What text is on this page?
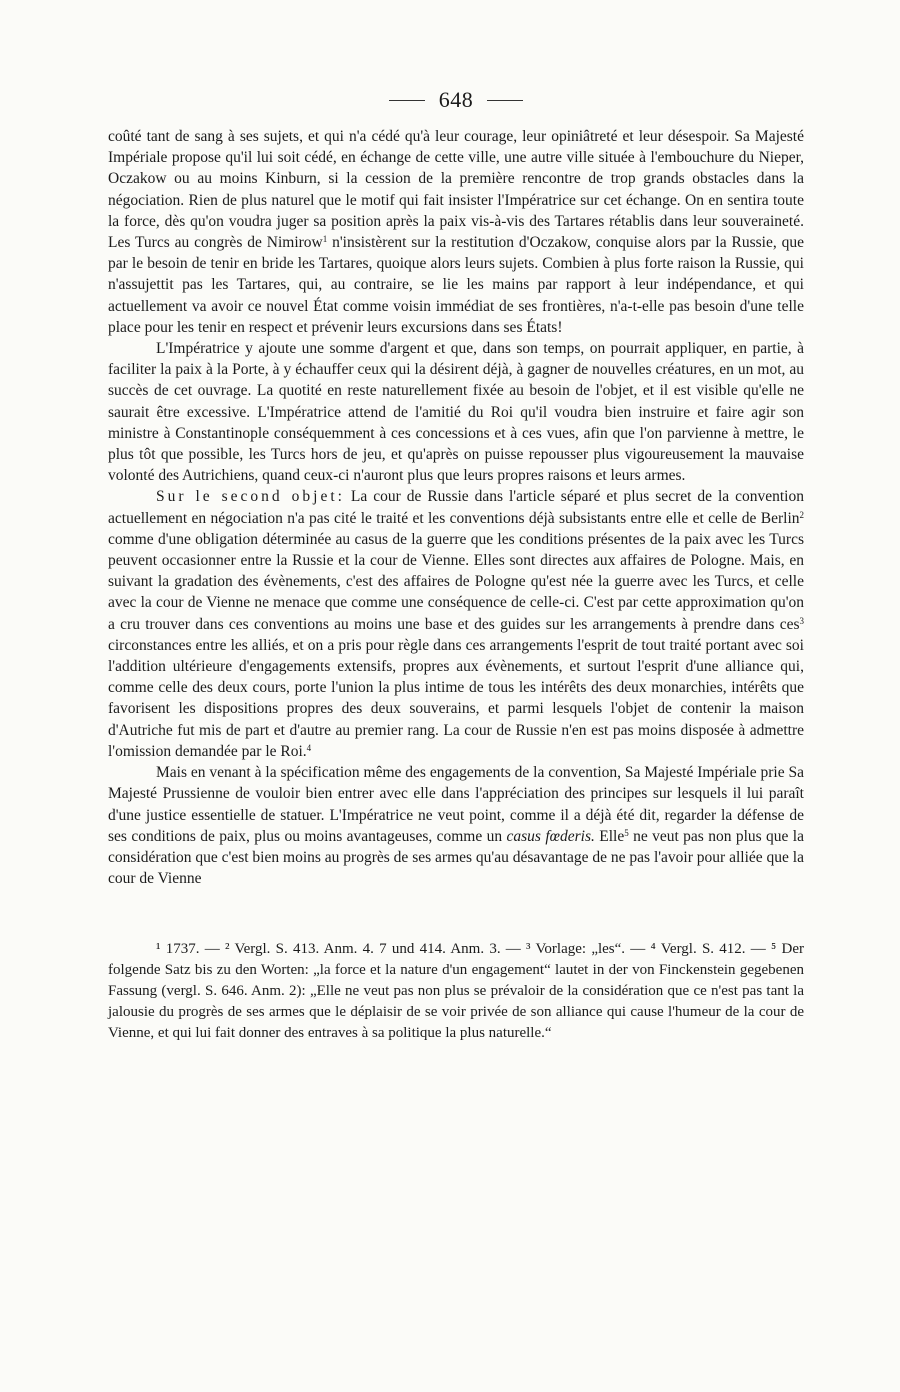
648

coûté tant de sang à ses sujets, et qui n'a cédé qu'à leur courage, leur opiniâtreté et leur désespoir. Sa Majesté Impériale propose qu'il lui soit cédé, en échange de cette ville, une autre ville située à l'embouchure du Nieper, Oczakow ou au moins Kinburn, si la cession de la première rencontre de trop grands obstacles dans la négociation. Rien de plus naturel que le motif qui fait insister l'Impératrice sur cet échange. On en sentira toute la force, dès qu'on voudra juger sa position après la paix vis-à-vis des Tartares rétablis dans leur souveraineté. Les Turcs au congrès de Nimirow$^1$ n'insistèrent sur la restitution d'Oczakow, conquise alors par la Russie, que par le besoin de tenir en bride les Tartares, quoique alors leurs sujets. Combien à plus forte raison la Russie, qui n'assujettit pas les Tartares, qui, au contraire, se lie les mains par rapport à leur indépendance, et qui actuellement va avoir ce nouvel État comme voisin immédiat de ses frontières, n'a-t-elle pas besoin d'une telle place pour les tenir en respect et prévenir leurs excursions dans ses États!

L'Impératrice y ajoute une somme d'argent et que, dans son temps, on pourrait appliquer, en partie, à faciliter la paix à la Porte, à y échauffer ceux qui la désirent déjà, à gagner de nouvelles créatures, en un mot, au succès de cet ouvrage. La quotité en reste naturellement fixée au besoin de l'objet, et il est visible qu'elle ne saurait être excessive. L'Impératrice attend de l'amitié du Roi qu'il voudra bien instruire et faire agir son ministre à Constantinople conséquemment à ces concessions et à ces vues, afin que l'on parvienne à mettre, le plus tôt que possible, les Turcs hors de jeu, et qu'après on puisse repousser plus vigoureusement la mauvaise volonté des Autrichiens, quand ceux-ci n'auront plus que leurs propres raisons et leurs armes.

Sur le second objet: La cour de Russie dans l'article séparé et plus secret de la convention actuellement en négociation n'a pas cité le traité et les conventions déjà subsistants entre elle et celle de Berlin$^2$ comme d'une obligation déterminée au casus de la guerre que les conditions présentes de la paix avec les Turcs peuvent occasionner entre la Russie et la cour de Vienne. Elles sont directes aux affaires de Pologne. Mais, en suivant la gradation des évènements, c'est des affaires de Pologne qu'est née la guerre avec les Turcs, et celle avec la cour de Vienne ne menace que comme une conséquence de celle-ci. C'est par cette approximation qu'on a cru trouver dans ces conventions au moins une base et des guides sur les arrangements à prendre dans ces$^3$ circonstances entre les alliés, et on a pris pour règle dans ces arrangements l'esprit de tout traité portant avec soi l'addition ultérieure d'engagements extensifs, propres aux évènements, et surtout l'esprit d'une alliance qui, comme celle des deux cours, porte l'union la plus intime de tous les intérêts des deux monarchies, intérêts que favorisent les dispositions propres des deux souverains, et parmi lesquels l'objet de contenir la maison d'Autriche fut mis de part et d'autre au premier rang. La cour de Russie n'en est pas moins disposée à admettre l'omission demandée par le Roi.$^4$

Mais en venant à la spécification même des engagements de la convention, Sa Majesté Impériale prie Sa Majesté Prussienne de vouloir bien entrer avec elle dans l'appréciation des principes sur lesquels il lui paraît d'une justice essentielle de statuer. L'Impératrice ne veut point, comme il a déjà été dit, regarder la défense de ses conditions de paix, plus ou moins avantageuses, comme un casus fœderis. Elle$^5$ ne veut pas non plus que la considération que c'est bien moins au progrès de ses armes qu'au désavantage de ne pas l'avoir pour alliée que la cour de Vienne

¹ 1737. — ² Vergl. S. 413. Anm. 4. 7 und 414. Anm. 3. — ³ Vorlage: „les“. — ⁴ Vergl. S. 412. — ⁵ Der folgende Satz bis zu den Worten: „la force et la nature d'un engagement“ lautet in der von Finckenstein gegebenen Fassung (vergl. S. 646. Anm. 2): „Elle ne veut pas non plus se prévaloir de la considération que ce n'est pas tant la jalousie du progrès de ses armes que le déplaisir de se voir privée de son alliance qui cause l'humeur de la cour de Vienne, et qui lui fait donner des entraves à sa politique la plus naturelle.“
